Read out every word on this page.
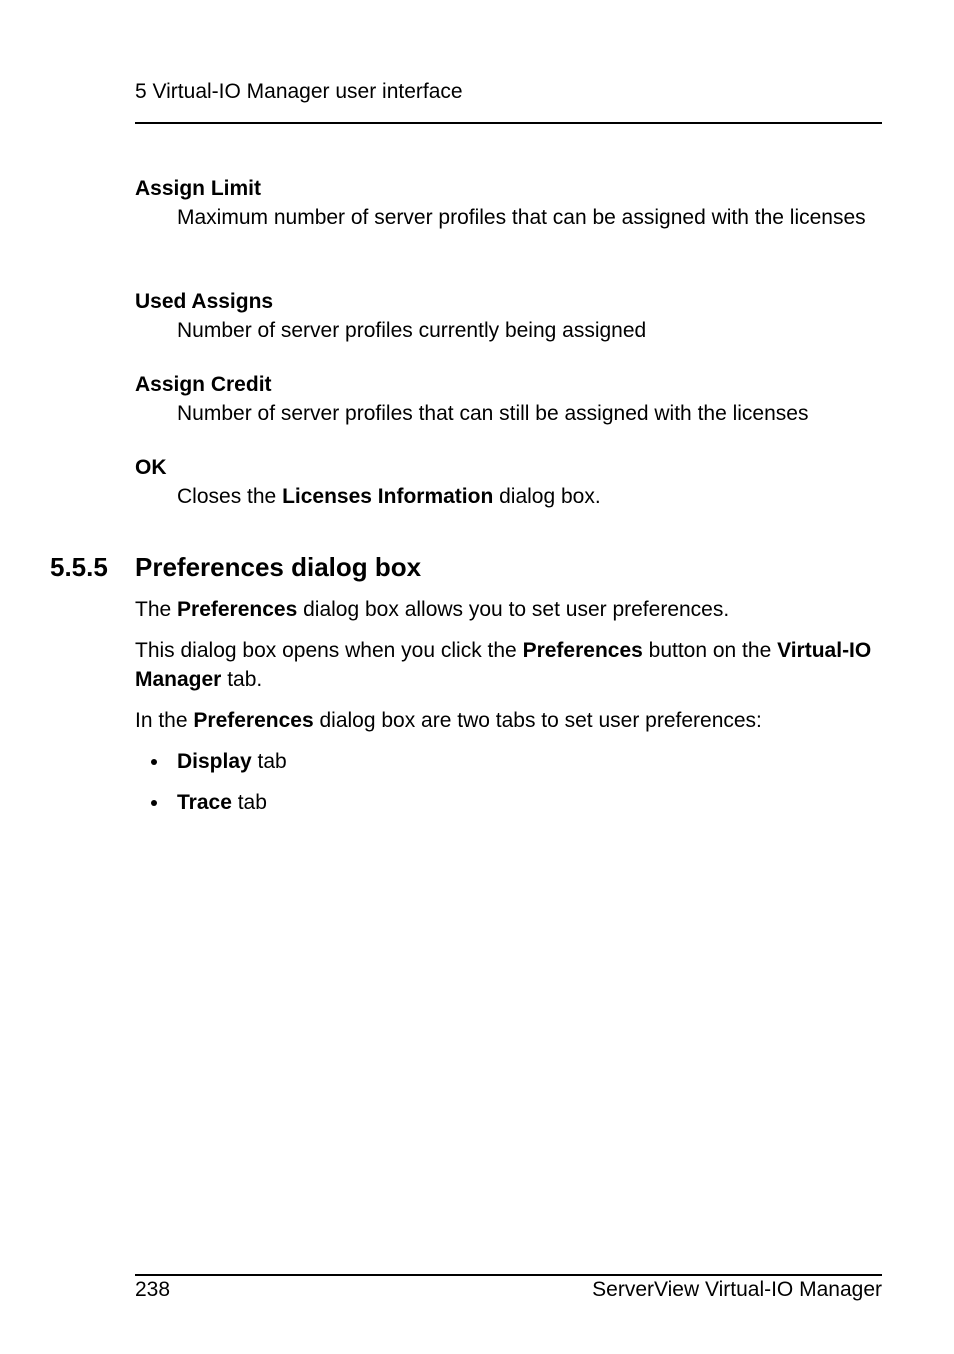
5 Virtual-IO Manager user interface
Assign Limit
Maximum number of server profiles that can be assigned with the licenses
Used Assigns
Number of server profiles currently being assigned
Assign Credit
Number of server profiles that can still be assigned with the licenses
OK
Closes the Licenses Information dialog box.
5.5.5 Preferences dialog box
The Preferences dialog box allows you to set user preferences.
This dialog box opens when you click the Preferences button on the Virtual-IO Manager tab.
In the Preferences dialog box are two tabs to set user preferences:
Display tab
Trace tab
238	ServerView Virtual-IO Manager
